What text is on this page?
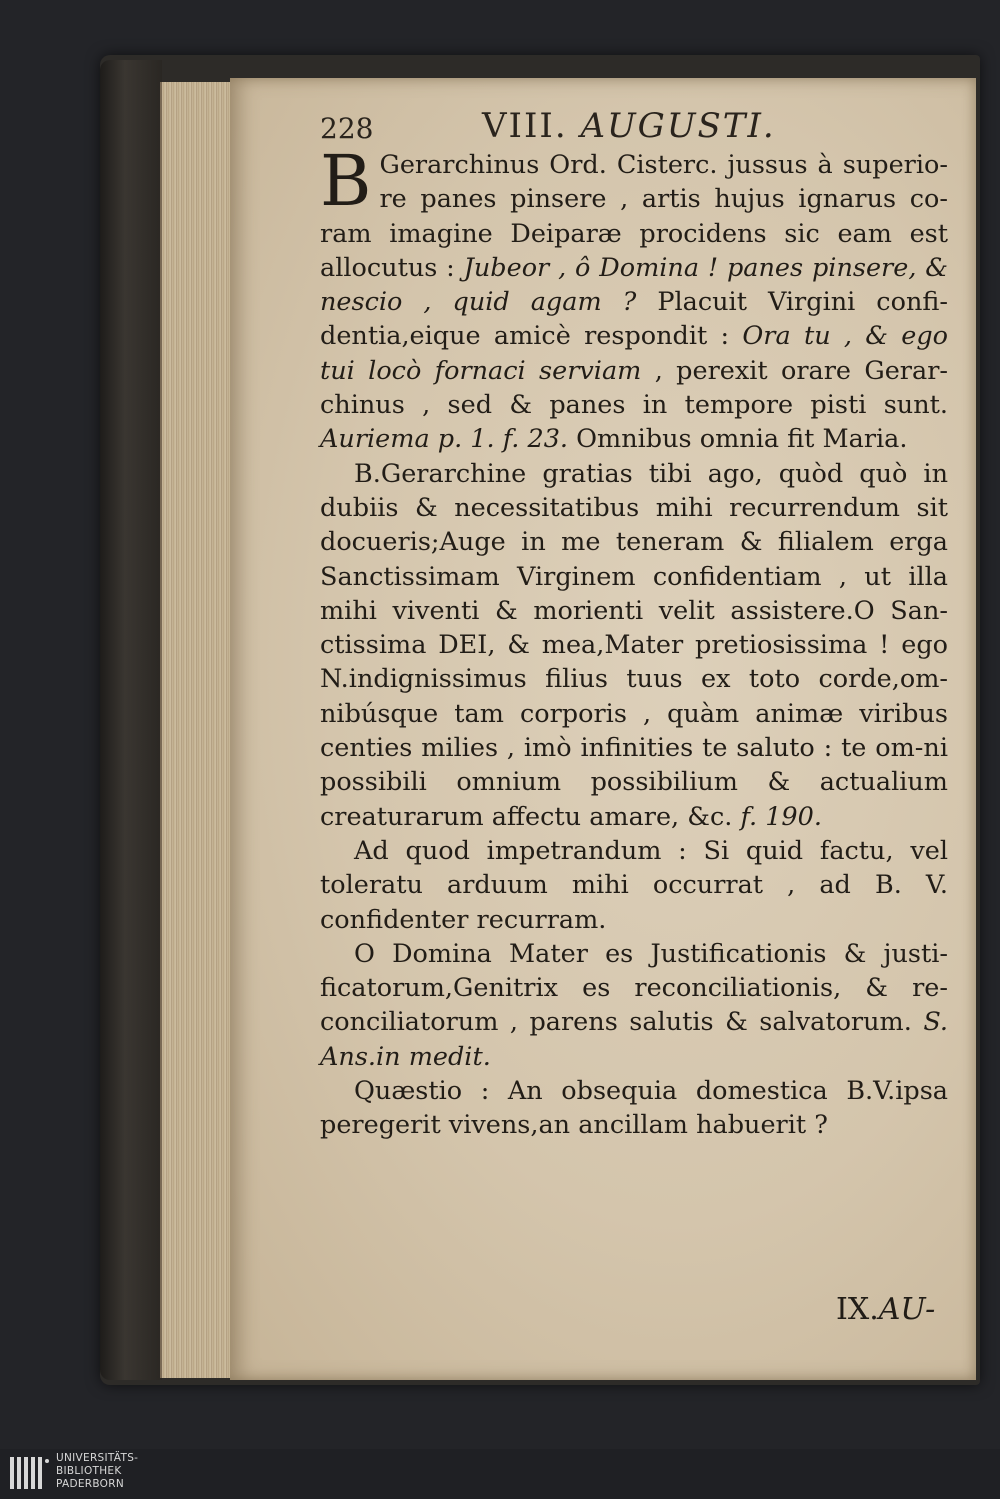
228	VIII. AUGUSTI.

B Gerarchinus Ord. Cisterc. jussus à superio-re panes pinsere , artis hujus ignarus co-ram imagine Deiparæ procidens sic eam est allocutus : Jubeor , ô Domina ! panes pinsere, & nescio , quid agam ? Placuit Virgini confi-dentia,eique amicè respondit : Ora tu , & ego tui locò fornaci serviam , perexit orare Gerar-chinus , sed & panes in tempore pisti sunt. Auriema p. 1. f. 23. Omnibus omnia fit Maria.

B.Gerarchine gratias tibi ago, quòd quò in dubiis & necessitatibus mihi recurrendum sit docueris;Auge in me teneram & filialem erga Sanctissimam Virginem confidentiam , ut illa mihi viventi & morienti velit assistere.O San-ctissima DEI, & mea,Mater pretiosissima ! ego N.indignissimus filius tuus ex toto corde,om-nibúsque tam corporis , quàm animæ viribus centies milies , imò infinities te saluto : te om-ni possibili omnium possibilium & actualium creaturarum affectu amare, &c. f. 190.

Ad quod impetrandum : Si quid factu, vel toleratu arduum mihi occurrat , ad B. V. confidenter recurram.

O Domina Mater es Justificationis & justi-ficatorum,Genitrix es reconciliationis, & re-conciliatorum , parens salutis & salvatorum. S. Ans.in medit.

Quæstio : An obsequia domestica B.V.ipsa peregerit vivens,an ancillam habuerit ?

IX.AU-
UNIVERSITÄTS-
BIBLIOTHEK
PADERBORN
